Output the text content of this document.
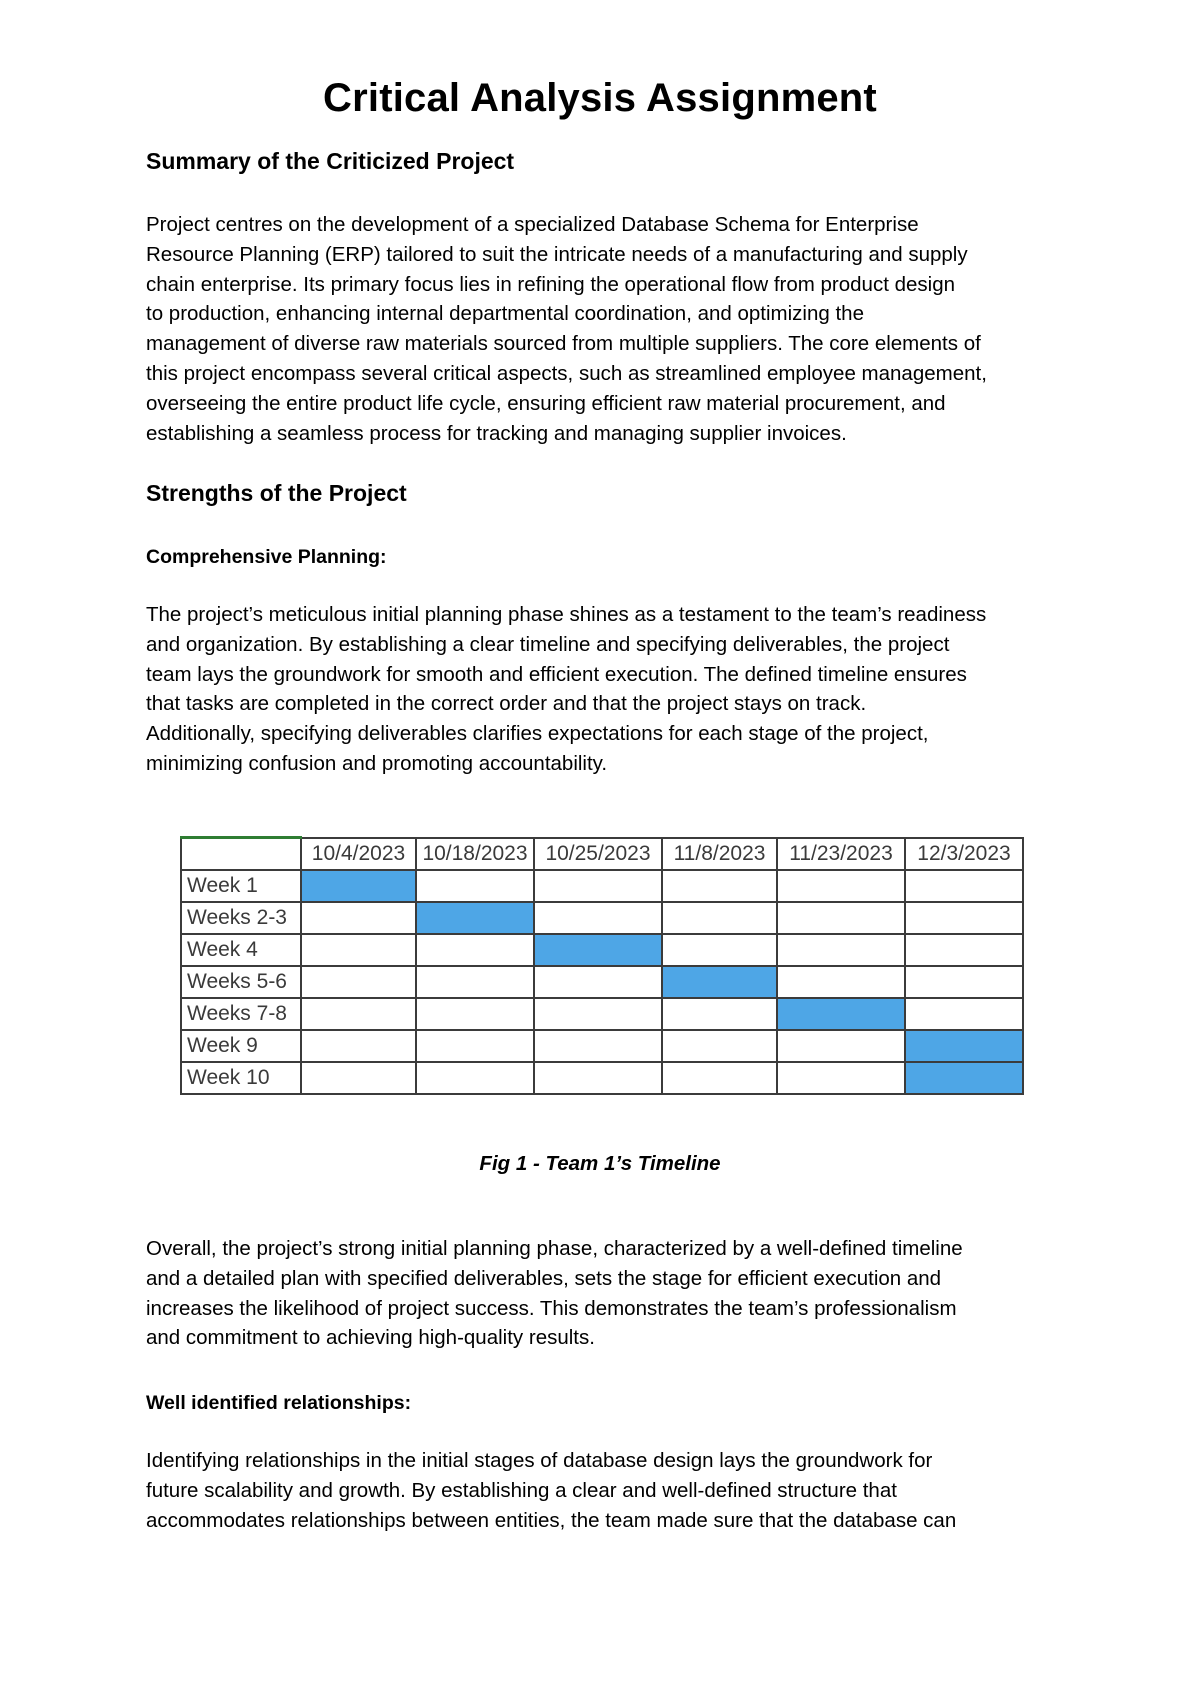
Critical Analysis Assignment
Summary of the Criticized Project

Project centres on the development of a specialized Database Schema for Enterprise
Resource Planning (ERP) tailored to suit the intricate needs of a manufacturing and supply
chain enterprise. Its primary focus lies in refining the operational flow from product design
to production, enhancing internal departmental coordination, and optimizing the
management of diverse raw materials sourced from multiple suppliers. The core elements of
this project encompass several critical aspects, such as streamlined employee management,
overseeing the entire product life cycle, ensuring efficient raw material procurement, and
establishing a seamless process for tracking and managing supplier invoices.

Strengths of the Project
Comprehensive Planning:

The project’s meticulous initial planning phase shines as a testament to the team’s readiness
and organization. By establishing a clear timeline and specifying deliverables, the project
team lays the groundwork for smooth and efficient execution. The defined timeline ensures
that tasks are completed in the correct order and that the project stays on track.
Additionally, specifying deliverables clarifies expectations for each stage of the project,
minimizing confusion and promoting accountability.

	10/4/2023	10/18/2023	10/25/2023	11/8/2023	11/23/2023	12/3/2023
Week 1						
Weeks 2-3						
Week 4						
Weeks 5-6						
Weeks 7-8						
Week 9						
Week 10						

Fig 1 - Team 1’s Timeline

Overall, the project’s strong initial planning phase, characterized by a well-defined timeline
and a detailed plan with specified deliverables, sets the stage for efficient execution and
increases the likelihood of project success. This demonstrates the team’s professionalism
and commitment to achieving high-quality results.

Well identified relationships:

Identifying relationships in the initial stages of database design lays the groundwork for
future scalability and growth. By establishing a clear and well-defined structure that
accommodates relationships between entities, the team made sure that the database can
